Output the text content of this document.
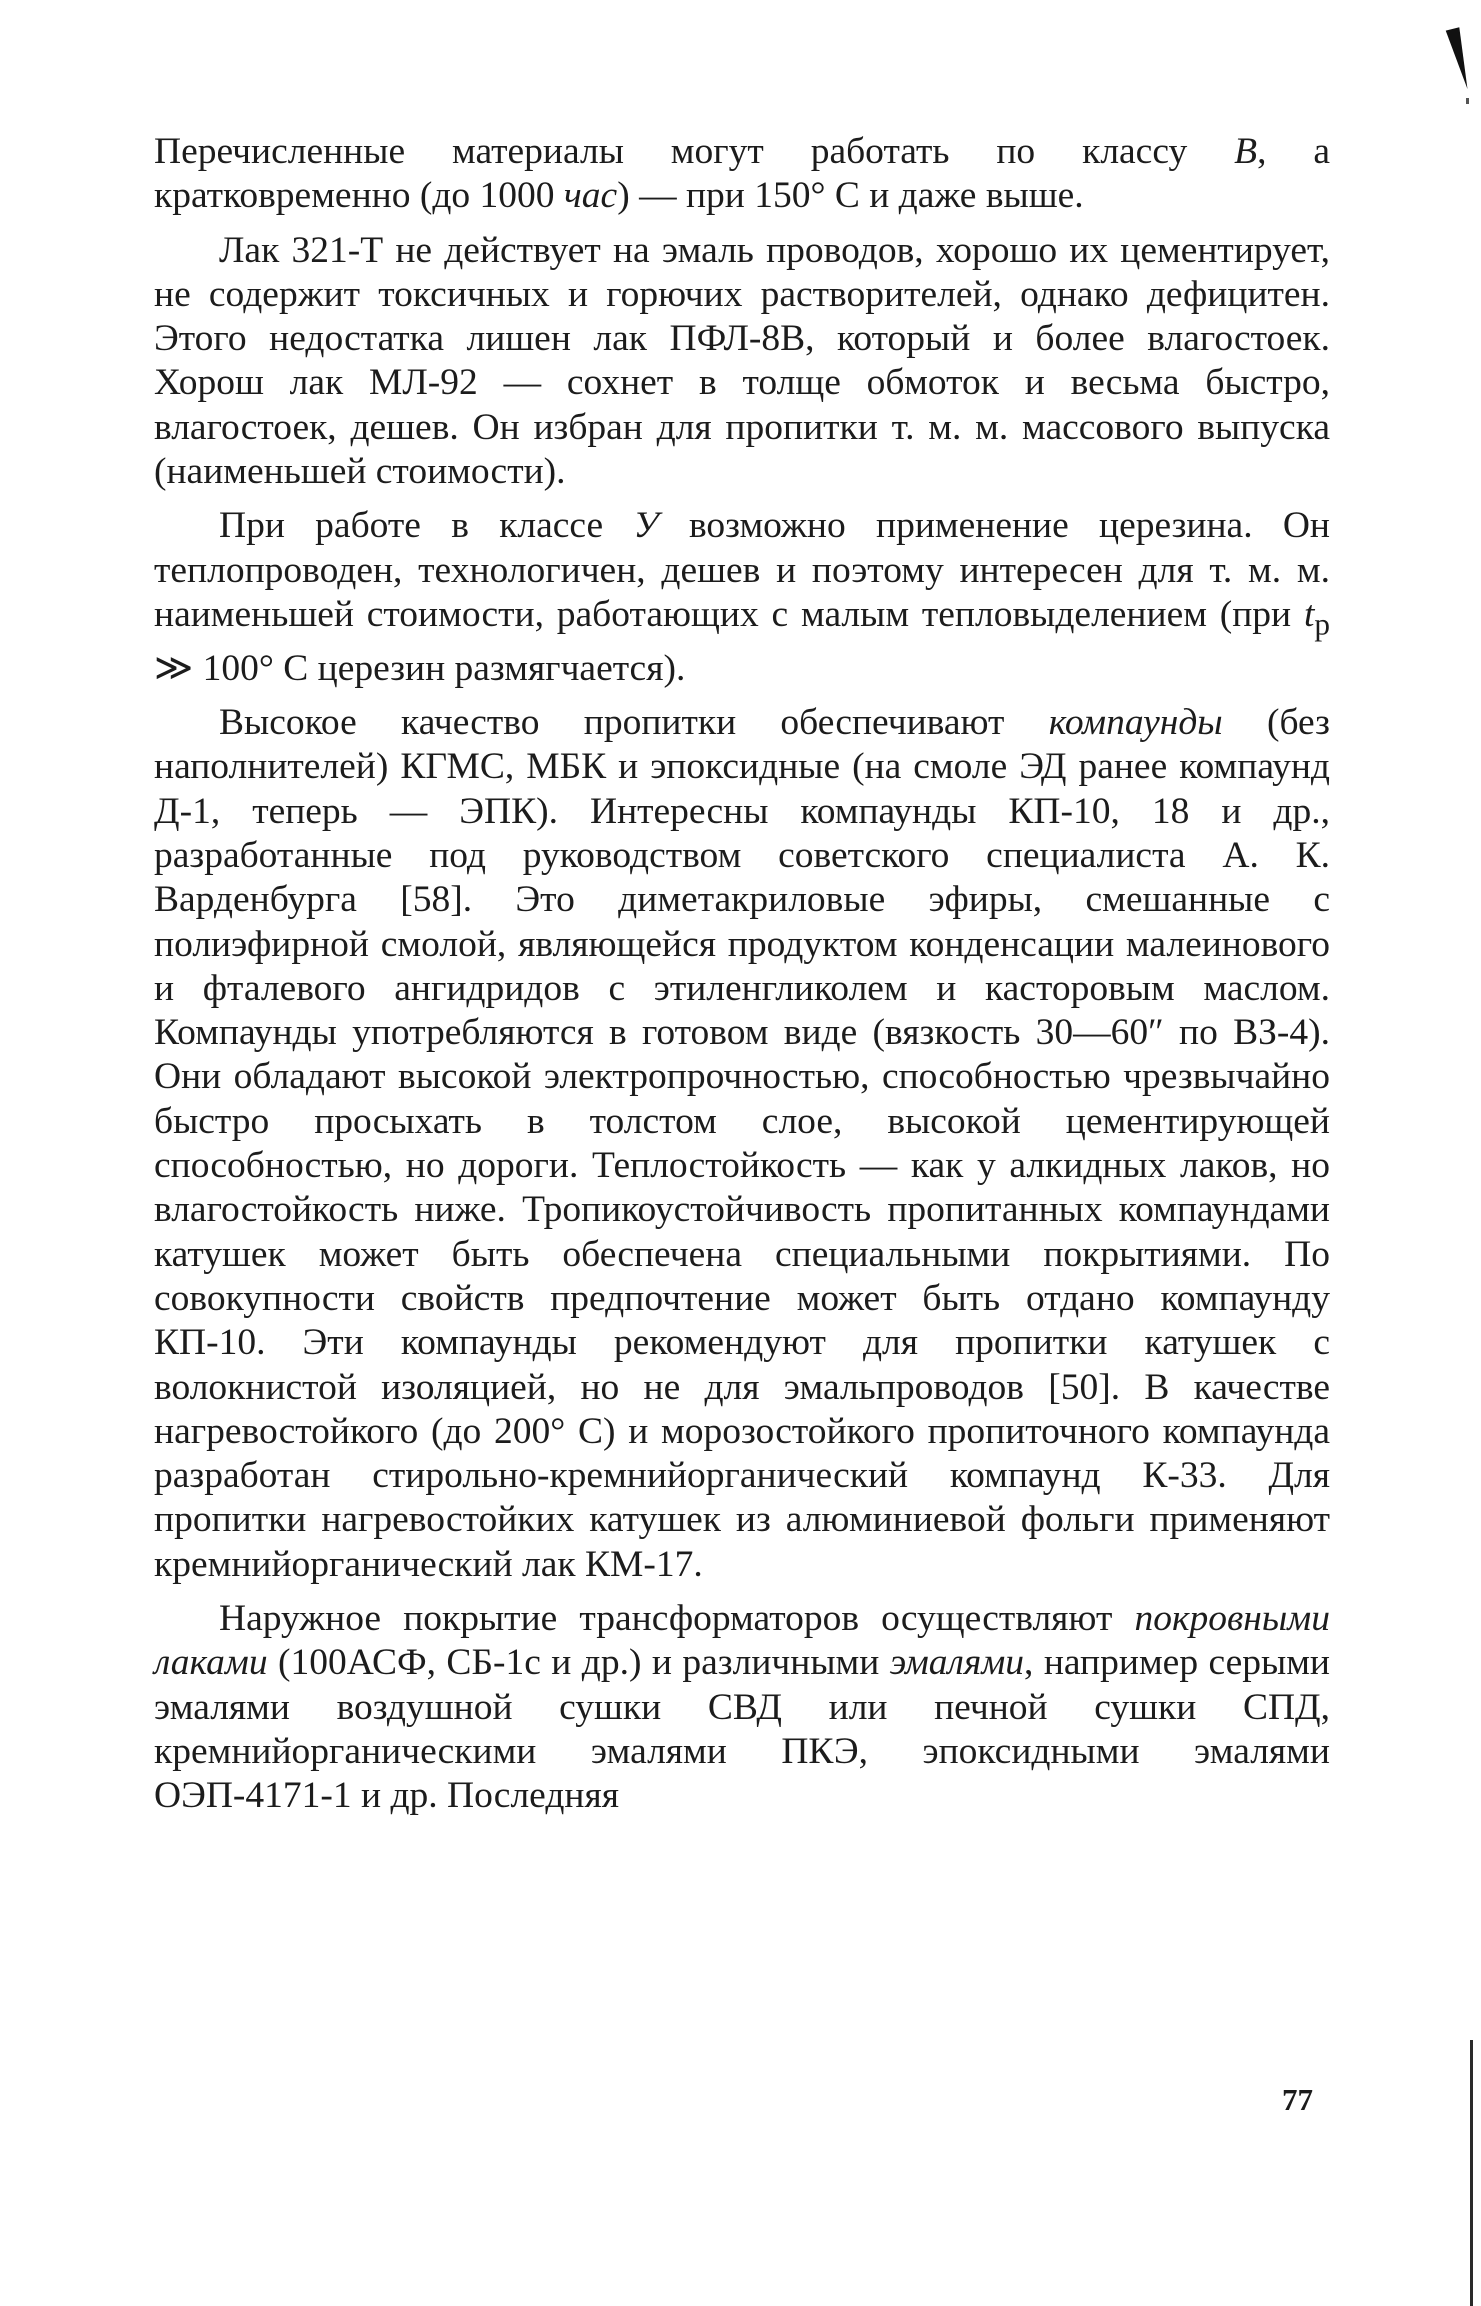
Перечисленные материалы могут работать по классу B, а кратковременно (до 1000 час) — при 150° С и даже выше.

Лак 321-Т не действует на эмаль проводов, хорошо их цементирует, не содержит токсичных и горючих растворителей, однако дефицитен. Этого недостатка лишен лак ПФЛ-8В, который и более влагостоек. Хорош лак МЛ-92 — сохнет в толще обмоток и весьма быстро, влагостоек, дешев. Он избран для пропитки т. м. м. массового выпуска (наименьшей стоимости).

При работе в классе У возможно применение церезина. Он теплопроводен, технологичен, дешев и поэтому интересен для т. м. м. наименьшей стоимости, работающих с малым тепловыделением (при $t_р$ ≫ 100° С церезин размягчается).

Высокое качество пропитки обеспечивают компаунды (без наполнителей) КГМС, МБК и эпоксидные (на смоле ЭД ранее компаунд Д-1, теперь — ЭПК). Интересны компаунды КП-10, 18 и др., разработанные под руководством советского специалиста А. К. Варденбурга [58]. Это диметакриловые эфиры, смешанные с полиэфирной смолой, являющейся продуктом конденсации малеинового и фталевого ангидридов с этиленгликолем и касторовым маслом. Компаунды употребляются в готовом виде (вязкость 30—60″ по ВЗ-4). Они обладают высокой электропрочностью, способностью чрезвычайно быстро просыхать в толстом слое, высокой цементирующей способностью, но дороги. Теплостойкость — как у алкидных лаков, но влагостойкость ниже. Тропикоустойчивость пропитанных компаундами катушек может быть обеспечена специальными покрытиями. По совокупности свойств предпочтение может быть отдано компаунду КП-10. Эти компаунды рекомендуют для пропитки катушек с волокнистой изоляцией, но не для эмальпроводов [50]. В качестве нагревостойкого (до 200° С) и морозостойкого пропиточного компаунда разработан стирольно-кремнийорганический компаунд К-33. Для пропитки нагревостойких катушек из алюминиевой фольги применяют кремнийорганический лак КМ-17.

Наружное покрытие трансформаторов осуществляют покровными лаками (100АСФ, СБ-1с и др.) и различными эмалями, например серыми эмалями воздушной сушки СВД или печной сушки СПД, кремнийорганическими эмалями ПКЭ, эпоксидными эмалями ОЭП-4171-1 и др. Последняя

77
